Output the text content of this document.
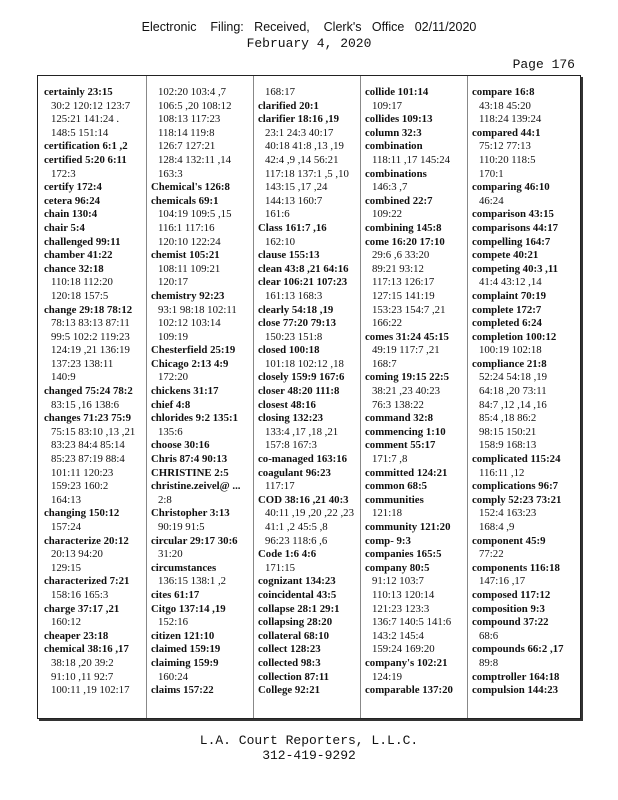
Electronic    Filing:   Received,    Clerk's   Office   02/11/2020
February 4, 2020
Page 176
certainly 23:15
30:2 120:12 123:7
125:21 141:24 .
148:5 151:14
certification 6:1 ,2
certified 5:20 6:11
172:3
certify 172:4
cetera 96:24
chain 130:4
chair 5:4
challenged 99:11
chamber 41:22
chance 32:18
110:18 112:20
120:18 157:5
change 29:18 78:12
78:13 83:13 87:11
99:5 102:2 119:23
124:19 ,21 136:19
137:23 138:11
140:9
changed 75:24 78:2
83:15 ,16 138:6
changes 71:23 75:9
75:15 83:10 ,13 ,21
83:23 84:4 85:14
85:23 87:19 88:4
101:11 120:23
159:23 160:2
164:13
changing 150:12
157:24
characterize 20:12
20:13 94:20
129:15
characterized 7:21
158:16 165:3
charge 37:17 ,21
160:12
cheaper 23:18
chemical 38:16 ,17
38:18 ,20 39:2
91:10 ,11 92:7
100:11 ,19 102:17
102:20 103:4 ,7
106:5 ,20 108:12
108:13 117:23
118:14 119:8
126:7 127:21
128:4 132:11 ,14
163:3
Chemical's 126:8
chemicals 69:1
104:19 109:5 ,15
116:1 117:16
120:10 122:24
chemist 105:21
108:11 109:21
120:17
chemistry 92:23
93:1 98:18 102:11
102:12 103:14
109:19
Chesterfield 25:19
Chicago 2:13 4:9
172:20
chickens 31:17
chief 4:8
chlorides 9:2 135:1
135:6
choose 30:16
Chris 87:4 90:13
CHRISTINE 2:5
christine.zeivel@ ...
2:8
Christopher 3:13
90:19 91:5
circular 29:17 30:6
31:20
circumstances
136:15 138:1 ,2
cites 61:17
Citgo 137:14 ,19
152:16
citizen 121:10
claimed 159:19
claiming 159:9
160:24
claims 157:22
168:17
clarified 20:1
clarifier 18:16 ,19
23:1 24:3 40:17
40:18 41:8 ,13 ,19
42:4 ,9 ,14 56:21
117:18 137:1 ,5 ,10
143:15 ,17 ,24
144:13 160:7
161:6
Class 161:7 ,16
162:10
clause 155:13
clean 43:8 ,21 64:16
clear 106:21 107:23
161:13 168:3
clearly 54:18 ,19
close 77:20 79:13
150:23 151:8
closed 100:18
101:18 102:12 ,18
closely 159:9 167:6
closer 48:20 111:8
closest 48:16
closing 132:23
133:4 ,17 ,18 ,21
157:8 167:3
co-managed 163:16
coagulant 96:23
117:17
COD 38:16 ,21 40:3
40:11 ,19 ,20 ,22 ,23
41:1 ,2 45:5 ,8
96:23 118:6 ,6
Code 1:6 4:6
171:15
cognizant 134:23
coincidental 43:5
collapse 28:1 29:1
collapsing 28:20
collateral 68:10
collect 128:23
collected 98:3
collection 87:11
College 92:21
collide 101:14
109:17
collides 109:13
column 32:3
combination
118:11 ,17 145:24
combinations
146:3 ,7
combined 22:7
109:22
combining 145:8
come 16:20 17:10
29:6 ,6 33:20
89:21 93:12
117:13 126:17
127:15 141:19
153:23 154:7 ,21
166:22
comes 31:24 45:15
49:19 117:7 ,21
168:7
coming 19:15 22:5
38:21 ,23 40:23
76:3 138:22
command 32:8
commencing 1:10
comment 55:17
171:7 ,8
committed 124:21
common 68:5
communities
121:18
community 121:20
comp- 9:3
companies 165:5
company 80:5
91:12 103:7
110:13 120:14
121:23 123:3
136:7 140:5 141:6
143:2 145:4
159:24 169:20
company's 102:21
124:19
comparable 137:20
compare 16:8
43:18 45:20
118:24 139:24
compared 44:1
75:12 77:13
110:20 118:5
170:1
comparing 46:10
46:24
comparison 43:15
comparisons 44:17
compelling 164:7
compete 40:21
competing 40:3 ,11
41:4 43:12 ,14
complaint 70:19
complete 172:7
completed 6:24
completion 100:12
100:19 102:18
compliance 21:8
52:24 54:18 ,19
64:18 ,20 73:11
84:7 ,12 ,14 ,16
85:4 ,18 86:2
98:15 150:21
158:9 168:13
complicated 115:24
116:11 ,12
complications 96:7
comply 52:23 73:21
152:4 163:23
168:4 ,9
component 45:9
77:22
components 116:18
147:16 ,17
composed 117:12
composition 9:3
compound 37:22
68:6
compounds 66:2 ,17
89:8
comptroller 164:18
compulsion 144:23
L.A. Court Reporters, L.L.C.
312-419-9292
